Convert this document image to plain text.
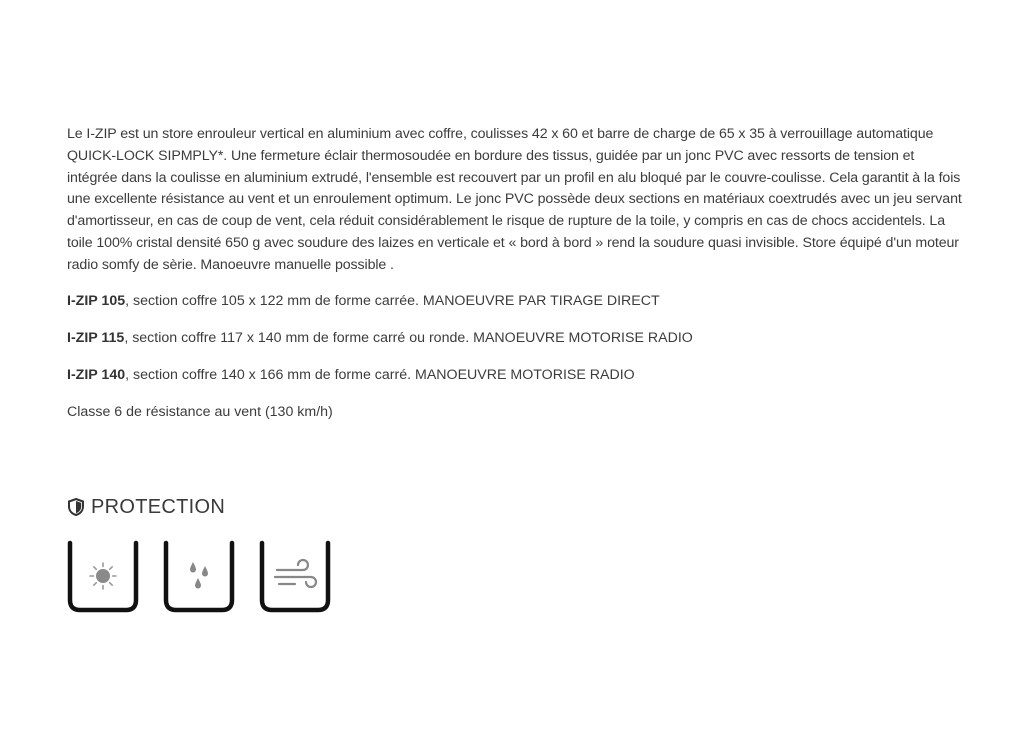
Le I-ZIP est un store enrouleur vertical en aluminium avec coffre, coulisses 42 x 60 et barre de charge de 65 x 35 à verrouillage automatique QUICK-LOCK SIPMPLY*. Une fermeture éclair thermosoudée en bordure des tissus, guidée par un jonc PVC avec ressorts de tension et intégrée dans la coulisse en aluminium extrudé, l'ensemble est recouvert par un profil en alu bloqué par le couvre-coulisse. Cela garantit à la fois une excellente résistance au vent et un enroulement optimum. Le jonc PVC possède deux sections en matériaux coextrudés avec un jeu servant d'amortisseur, en cas de coup de vent, cela réduit considérablement le risque de rupture de la toile, y compris en cas de chocs accidentels. La toile 100% cristal densité 650 g avec soudure des laizes en verticale et « bord à bord » rend la soudure quasi invisible. Store équipé d'un moteur radio somfy de sèrie. Manoeuvre manuelle possible .

I-ZIP 105, section coffre 105 x 122 mm de forme carrée. MANOEUVRE PAR TIRAGE DIRECT

I-ZIP 115, section coffre 117 x 140 mm de forme carré ou ronde. MANOEUVRE MOTORISE RADIO

I-ZIP 140, section coffre 140 x 166 mm de forme carré. MANOEUVRE MOTORISE RADIO

Classe 6 de résistance au vent (130 km/h)

PROTECTION
